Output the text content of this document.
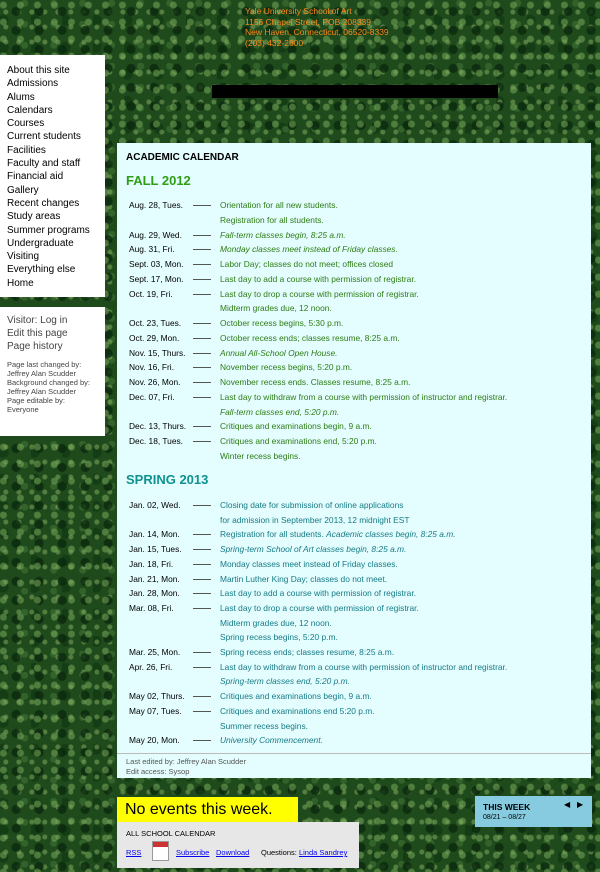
Yale University School of Art
1156 Chapel Street, POB 208339
New Haven, Connecticut, 06520-8339
(203) 432-2600
About this site
Admissions
Alums
Calendars
Courses
Current students
Facilities
Faculty and staff
Financial aid
Gallery
Recent changes
Study areas
Summer programs
Undergraduate
Visiting
Everything else
Home
Visitor: Log in
Edit this page
Page history
Page last changed by:
Jeffrey Alan Scudder
Background changed by:
Jeffrey Alan Scudder
Page editable by:
Everyone
ACADEMIC CALENDAR
FALL 2012
Aug. 28, Tues.	Orientation for all new students.
Registration for all students.
Aug. 29, Wed.	Fall-term classes begin, 8:25 a.m.
Aug. 31, Fri.	Monday classes meet instead of Friday classes.
Sept. 03, Mon.	Labor Day; classes do not meet; offices closed
Sept. 17, Mon.	Last day to add a course with permission of registrar.
Oct. 19, Fri.	Last day to drop a course with permission of registrar.
Midterm grades due, 12 noon.
Oct. 23, Tues.	October recess begins, 5:30 p.m.
Oct. 29, Mon.	October recess ends; classes resume, 8:25 a.m.
Nov. 15, Thurs.	Annual All-School Open House.
Nov. 16, Fri.	November recess begins, 5:20 p.m.
Nov. 26, Mon.	November recess ends. Classes resume, 8:25 a.m.
Dec. 07, Fri.	Last day to withdraw from a course with permission of instructor and registrar.
Fall-term classes end, 5:20 p.m.
Dec. 13, Thurs.	Critiques and examinations begin, 9 a.m.
Dec. 18, Tues.	Critiques and examinations end, 5:20 p.m.
Winter recess begins.
SPRING 2013
Jan. 02, Wed.	Closing date for submission of online applications
for admission in September 2013, 12 midnight EST
Jan. 14, Mon.	Registration for all students. Academic classes begin, 8:25 a.m.
Jan. 15, Tues.	Spring-term School of Art classes begin, 8:25 a.m.
Jan. 18, Fri.	Monday classes meet instead of Friday classes.
Jan. 21, Mon.	Martin Luther King Day; classes do not meet.
Jan. 28, Mon.	Last day to add a course with permission of registrar.
Mar. 08, Fri.	Last day to drop a course with permission of registrar.
Midterm grades due, 12 noon.
Spring recess begins, 5:20 p.m.
Mar. 25, Mon.	Spring recess ends; classes resume, 8:25 a.m.
Apr. 26, Fri.	Last day to withdraw from a course with permission of instructor and registrar.
Spring-term classes end, 5:20 p.m.
May 02, Thurs.	Critiques and examinations begin, 9 a.m.
May 07, Tues.	Critiques and examinations end 5:20 p.m.
Summer recess begins.
May 20, Mon.	University Commencement.
Last edited by: Jeffrey Alan Scudder
Edit access: Sysop
No events this week.
ALL SCHOOL CALENDAR
RSS	Subscribe Download Questions: Linda Sandrey
THIS WEEK
08/21 – 08/27
◀ ▶
